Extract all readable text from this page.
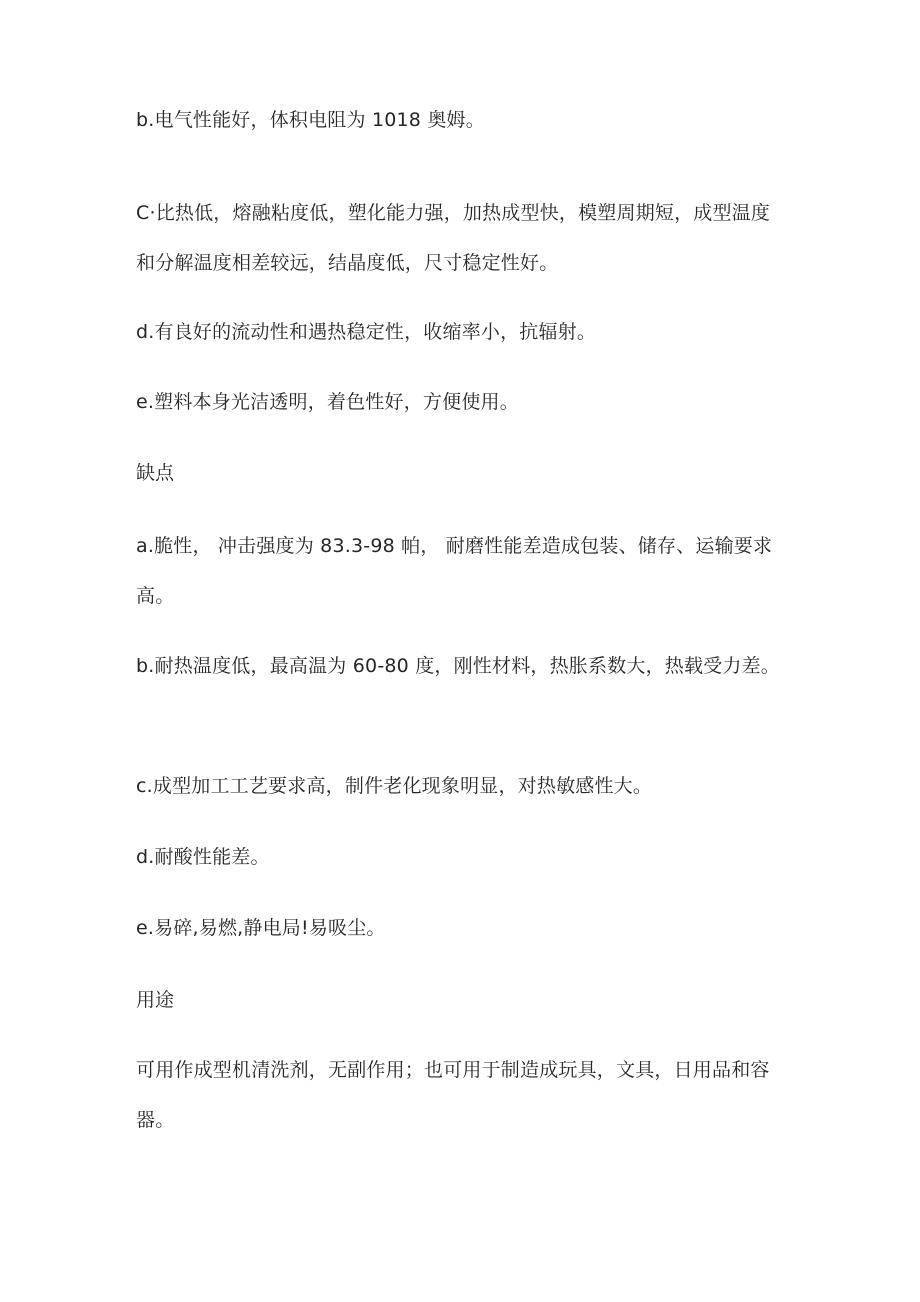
b.电气性能好，体积电阻为 1018 奥姆。

C·比热低，熔融粘度低，塑化能力强，加热成型快，模塑周期短，成型温度和分解温度相差较远，结晶度低，尺寸稳定性好。

d.有良好的流动性和遇热稳定性，收缩率小，抗辐射。

e.塑料本身光洁透明，着色性好，方便使用。

缺点

a.脆性， 冲击强度为 83.3-98 帕， 耐磨性能差造成包装、储存、运输要求高。

b.耐热温度低，最高温为 60-80 度，刚性材料，热胀系数大，热载受力差。

c.成型加工工艺要求高，制件老化现象明显，对热敏感性大。

d.耐酸性能差。

e.易碎,易燃,静电局!易吸尘。

用途

可用作成型机清洗剂，无副作用；也可用于制造成玩具，文具，日用品和容器。
